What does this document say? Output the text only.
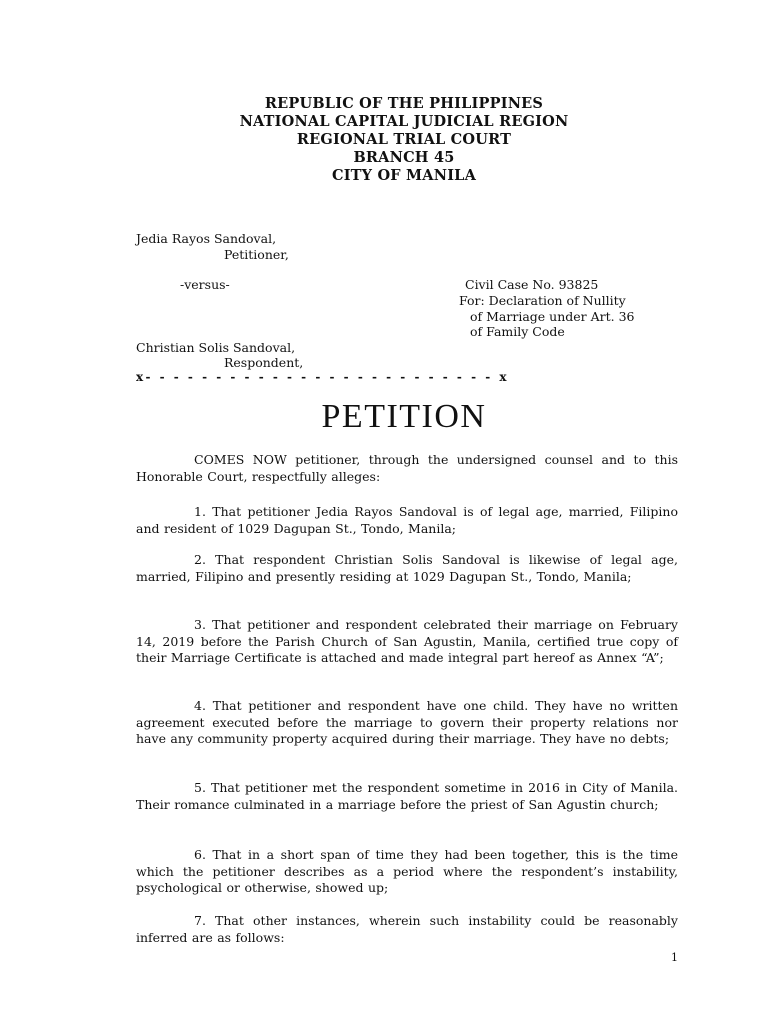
REPUBLIC OF THE PHILIPPINES
NATIONAL CAPITAL JUDICIAL REGION
REGIONAL TRIAL COURT
BRANCH 45
CITY OF MANILA
Jedia Rayos Sandoval,
Petitioner,
-versus-	Civil Case No. 93825
For: Declaration of Nullity
of Marriage under Art. 36
of Family Code
Christian Solis Sandoval,
Respondent,
x- - - - - - - - - - - - - - - - - - - - - - - - - x
PETITION
COMES NOW petitioner, through the undersigned counsel and to this Honorable Court, respectfully alleges:
1. That petitioner Jedia Rayos Sandoval is of legal age, married, Filipino and resident of 1029 Dagupan St., Tondo, Manila;
2. That respondent Christian Solis Sandoval is likewise of legal age, married, Filipino and presently residing at 1029 Dagupan St., Tondo, Manila;
3. That petitioner and respondent celebrated their marriage on February 14, 2019 before the Parish Church of San Agustin, Manila, certified true copy of their Marriage Certificate is attached and made integral part hereof as Annex “A”;
4. That petitioner and respondent have one child. They have no written agreement executed before the marriage to govern their property relations nor have any community property acquired during their marriage. They have no debts;
5. That petitioner met the respondent sometime in 2016 in City of Manila. Their romance culminated in a marriage before the priest of San Agustin church;
6. That in a short span of time they had been together, this is the time which the petitioner describes as a period where the respondent’s instability, psychological or otherwise, showed up;
7. That other instances, wherein such instability could be reasonably inferred are as follows:
1
